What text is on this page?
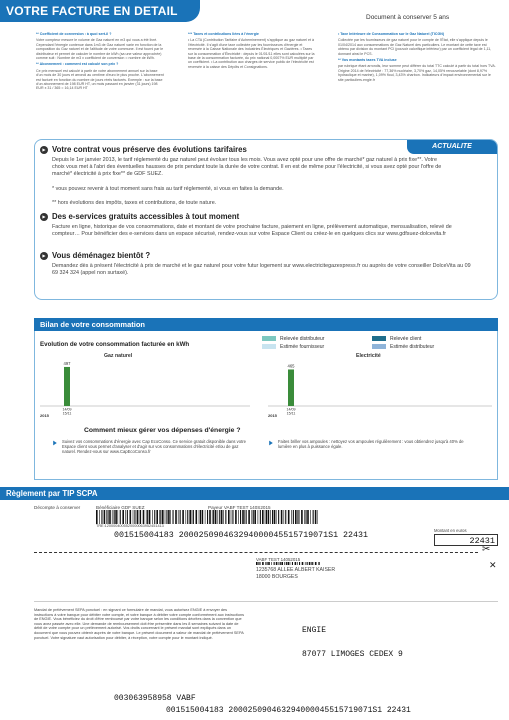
VOTRE FACTURE EN DETAIL	Document à conserver 5 ans

** Coefficient de conversion : à quoi sert-il ?

Votre compteur mesure le volume de Gaz naturel en m3 qui vous a été livré. Cependant l'énergie contenue dans 1m3 de Gaz naturel varie en fonction de la composition du Gaz naturel et de l'altitude de votre commune. Il est fourni par le distributeur et permet de calculer le nombre de kWh (sa une valeur approchée) comme suit : Nombre de m3 x coefficient de conversion = nombre de kWh.

** Abonnement : comment est calculé son prix ?

Ce prix mensuel est calculé à partir de votre abonnement annuel sur la base d'un mois de 30 jours et arrondi au centime d'euro le plus proche. L'abonnement est facturé en fonction du nombre de jours réels facturés. Exemple : sur la base d'un abonnement de 198 EUR HT, un mois passant en janvier (31 jours) 198 EUR x 31 / 365 = 16,14 EUR HT

*** Taxes et contributions liées à l'énergie

• La CTA (Contribution Tarifaire d'Acheminement) s'applique au gaz naturel et à l'électricité. Il s'agit d'une taxe collectée par les fournisseurs d'énergie et reversée à la Caisse Nationale des Industries Électriques et Gazières. • Taxes sur la consommation d'Électricité : depuis le 01/01/11 elles sont calculées sur la base de la consommation facturée, du prix national 0,0007% EUR multiplié par un coefficient. • La contribution aux charges de service public de l'électricité est reversée à la caisse des Dépôts et Consignations.

• Taxe Intérieure de Consommation sur le Gaz Naturel (TICGN)

Collectée par les fournisseurs de gaz naturel pour le compte de l'État, elle s'applique depuis le 01/04/2014 aux consommations de Gaz Naturel des particuliers. Le montant de cette taxe est obtenu par division du montant PCI (pouvoir calorifique inférieur) par un coefficient légal de 1,11, donnant ainsi le PCS.

** Vos montants taxes TVA incluse

par rubrique étant arrondis, leur somme peut différer du total TTC calculé à partir du total hors TVA. Origine 2014 de l'électricité : 77,36% nucléaire, 3,70% gaz, 14,05% renouvelable (dont 8,97% hydraulique et marine), 1,09% fioul, 3,43% charbon. Indicateurs d'impact environnemental sur le site particuliers.engie.fr

ACTUALITE
Votre contrat vous préserve des évolutions tarifaires
Depuis le 1er janvier 2013, le tarif réglementé du gaz naturel peut évoluer tous les mois. Vous avez opté pour une offre de marché* gaz naturel à prix fixe**. Votre choix vous met à l'abri des éventuelles hausses de prix pendant toute la durée de votre contrat. Il en est de même pour l'électricité, si vous avez opté pour l'offre de marché* électricité à prix fixe** de GDF SUEZ.
* vous pouvez revenir à tout moment sans frais au tarif réglementé, si vous en faites la demande.
** hors évolutions des impôts, taxes et contributions, de toute nature.
Des e-services gratuits accessibles à tout moment
Facture en ligne, historique de vos consommations, date et montant de votre prochaine facture, paiement en ligne, prélèvement automatique, mensualisation, relevé de compteur… Pour bénéficier des e-services dans un espace sécurisé, rendez-vous sur votre Espace Client ou créez-le en quelques clics sur www.gdfsuez-dolcevita.fr
Vous déménagez bientôt ?
Demandez dès à présent l'électricité à prix de marché et le gaz naturel pour votre futur logement sur www.electricitegazexpress.fr ou auprès de votre conseiller DolceVita au 09 69 324 324 (appel non surtaxé).
Bilan de votre consommation
Evolution de votre consommation facturée en kWh
Relevée distributeur
Estimée fournisseur
Relevée client
Estimée distributeur
Gaz naturel	Electricité
497
14/09
15/11
2015
465
14/09
15/11
2015
Comment mieux gérer vos dépenses d'énergie ?
Suivez vos consommations d'énergie avec Cap EcoConso. Ce service gratuit disponible dans votre Espace client vous permet d'analyser et d'agir sur vos consommations d'électricité et/ou de gaz naturel. Rendez-vous sur www.CapEcoConso.fr
Faites briller vos ampoules : nettoyez vos ampoules régulièrement : vous obtiendrez jusqu'à 40% de lumière en plus à puissance égale.
Règlement par TIP SCPA
Décompte à conserver	Bénéficiaire GDF SUEZ	Payeur VABF TEST 140S2015
TRE:1200004005520000063952451413
001515004183 200025090463294000045515719071S1 22431
Montant en euros
22431
✂
✕
VABF TEST 14052015
1235768 ALLEE ALBERT KAISER
18000 BOURGES
Mandat de prélèvement SEPA ponctuel : en signant ce formulaire de mandat, vous autorisez ENGIE à envoyer des instructions à votre banque pour débiter votre compte, et votre banque à débiter votre compte conformément aux instructions de ENGIE. Vous bénéficiez du droit d'être remboursé par votre banque selon les conditions décrites dans la convention que vous avez passée avec elle. Une demande de remboursement doit être présentée dans les 8 semaines suivant la date de débit de votre compte pour un prélèvement autorisé. Vos droits concernant le présent mandat sont expliqués dans un document que vous pouvez obtenir auprès de votre banque. Le présent document a valeur de mandat de prélèvement SEPA ponctuel. Votre signature vaut autorisation pour débiter, à réception, votre compte pour le montant indiqué.
ENGIE
87077 LIMOGES CEDEX 9
003063958958 VABF
001515004183 200025090463294000045515719071S1 22431
